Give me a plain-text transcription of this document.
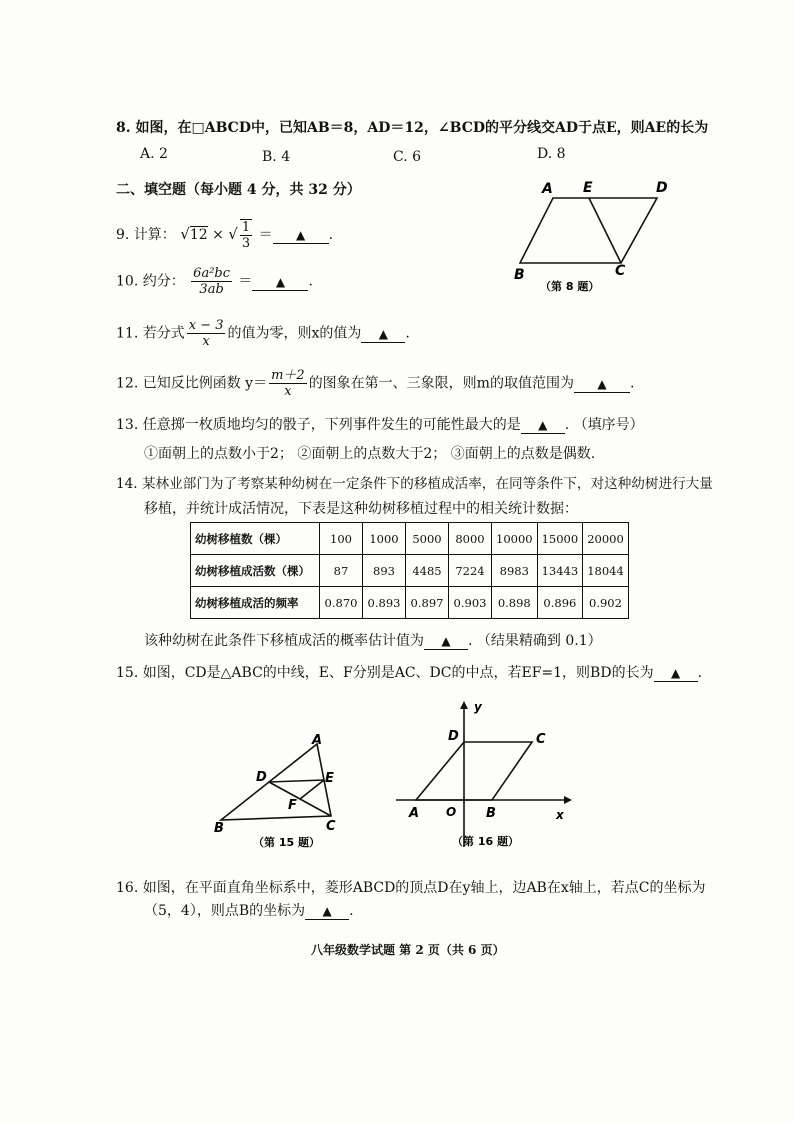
8. 如图，在□ABCD中，已知AB＝8，AD＝12，∠BCD的平分线交AD于点E，则AE的长为
A. 2	B. 4	C. 6	D. 8
二、填空题（每小题 4 分，共 32 分）	A E	D
B	C
（第 8 题）
9. 计算： √12 × √ $\frac{1}{3}$ ＝ ▲ .
10. 约分： $\frac{\text{6a²bc}}{3ab}$ ＝ ▲ .
11. 若分式 $\frac{x - 3}{x}$ 的值为零，则x的值为 ▲ .
12. 已知反比例函数 $y= \frac{m+2}{x}$ 的图象在第一、三象限，则m的取值范围为 ▲ .
13. 任意掷一枚质地均匀的骰子，下列事件发生的可能性最大的是 ▲ . （填序号）
①面朝上的点数小于2； ②面朝上的点数大于2； ③面朝上的点数是偶数.
14. 某林业部门为了考察某种幼树在一定条件下的移植成活率，在同等条件下，对这种幼树进行大量
移植，并统计成活情况，下表是这种幼树移植过程中的相关统计数据：
幼树移植数（棵）	100	1000	5000	8000	10000	15000	20000
幼树移植成活数（棵）	87	893	4485	7224	8983	13443	18044
幼树移植成活的频率	0.870	0.893	0.897	0.903	0.898	0.896	0.902
该种幼树在此条件下移植成活的概率估计值为 ▲ . （结果精确到 0.1）
15. 如图，CD是△ABC的中线，E、F分别是AC、DC的中点，若EF=1，则BD的长为 ▲ .
A
D	E
F
B	C
（第 15 题）
y
x
O
D	C
A	B
（第 16 题）
16. 如图，在平面直角坐标系中，菱形ABCD的顶点D在y轴上，边AB在x轴上，若点C的坐标为
（5，4），则点B的坐标为 ▲ .
八年级数学试题 第 2 页（共 6 页）
